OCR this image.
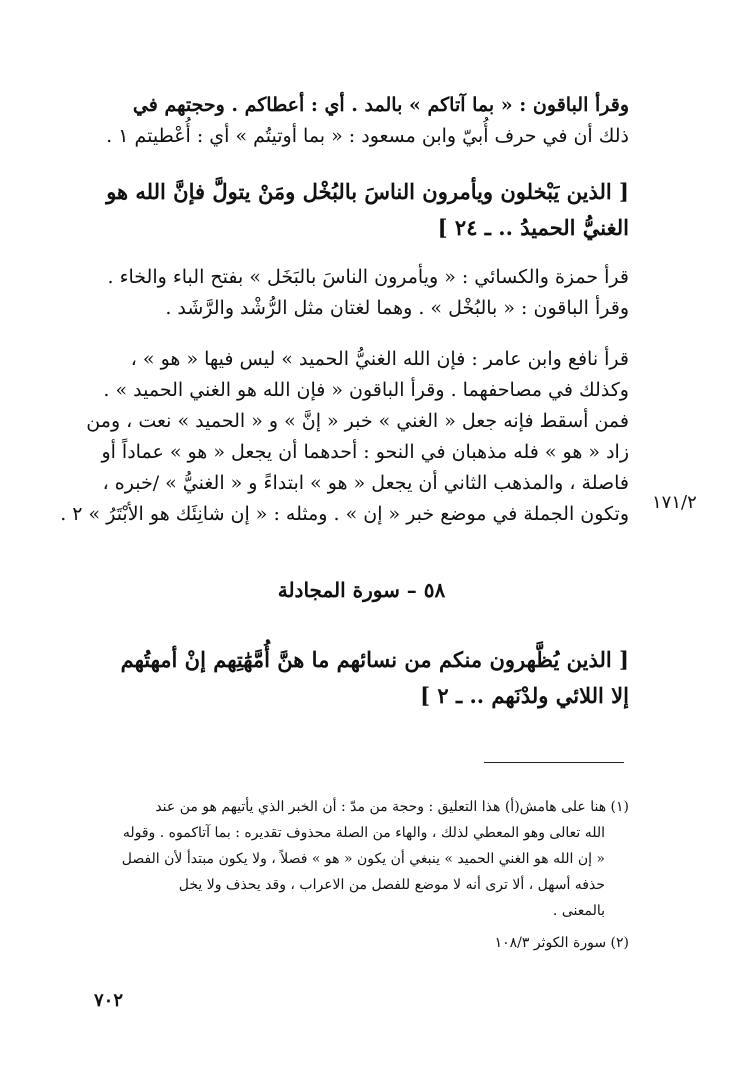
وقرأ الباقون : « بما آتاكم » بالمد . أي : أعطاكم . وحجتهم في
ذلك أن في حرف أُبيّ وابن مسعود : « بما أوتيتُم » أي : أُعْطيتم ١ .
[ الذين يَبْخلون ويأمرون الناسَ بالبُخْل ومَنْ يتولَّ فإنَّ الله هو
الغنيُّ الحميدُ .. ـ ٢٤ ]
قرأ حمزة والكسائي : « ويأمرون الناسَ بالبَخَل » بفتح الباء والخاء .
وقرأ الباقون : « بالبُخْل » . وهما لغتان مثل الرُّشْد والرَّشَد .
قرأ نافع وابن عامر : فإن الله الغنيُّ الحميد » ليس فيها « هو » ،
وكذلك في مصاحفهما . وقرأ الباقون « فإن الله هو الغني الحميد » .
فمن أسقط فإنه جعل « الغني » خبر « إنَّ » و « الحميد » نعت ، ومن
زاد « هو » فله مذهبان في النحو : أحدهما أن يجعل « هو » عماداً أو
فاصلة ، والمذهب الثاني أن يجعل « هو » ابتداءً و « الغنيُّ » /خبره ،
وتكون الجملة في موضع خبر « إن » . ومثله : « إن شانِئَك هو الأبْتَرُ » ٢ .
١٧١/٢
٥٨ – سورة المجادلة
[ الذين يُظَّهرون منكم من نسائهم ما هنَّ أُمَّهَٰتِهم إنْ أمهتُهم
إلا اللائي ولدْنَهم .. ـ ٢ ]
(١) هنا على هامش(أ) هذا التعليق : وحجة من مدّ : أن الخبر الذي يأتيهم هو من عند
الله تعالى وهو المعطي لذلك ، والهاء من الصلة محذوف تقديره : بما آتاكموه . وقوله
« إن الله هو الغني الحميد » ينبغي أن يكون « هو » فصلاً ، ولا يكون مبتدأ لأن الفصل
حذفه أسهل ، ألا ترى أنه لا موضع للفصل من الاعراب ، وقد يحذف ولا يخل
بالمعنى .
(٢) سورة الكوثر ١٠٨/٣
٧٠٢
